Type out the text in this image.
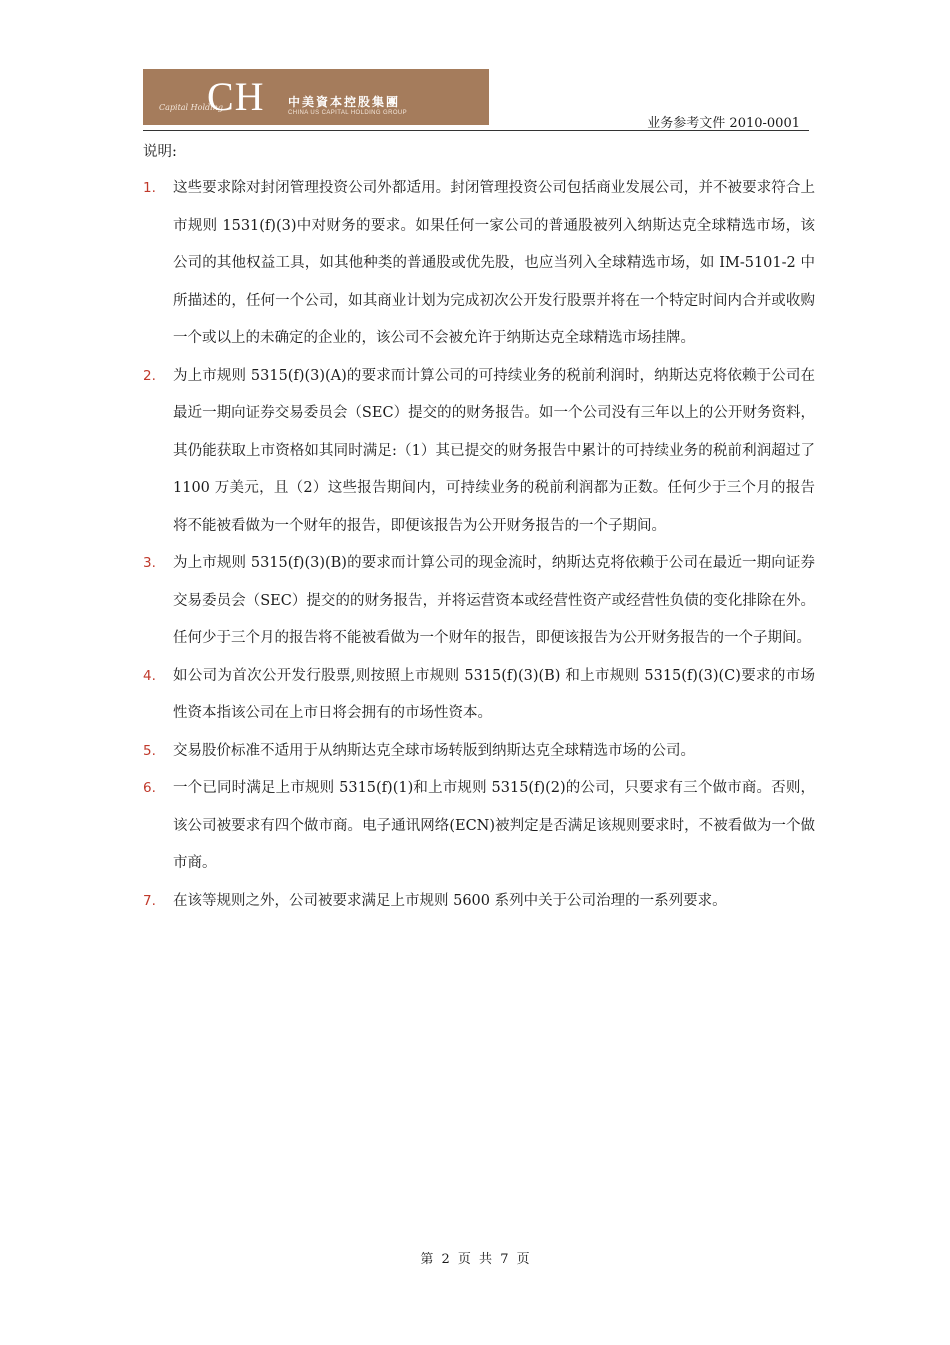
Capital Holding
CH 中美資本控股集團
CHINA US CAPITAL HOLDING GROUP
业务参考文件 2010-0001
说明:
1. 这些要求除对封闭管理投资公司外都适用。封闭管理投资公司包括商业发展公司，并不被要求符合上市规则 1531(f)(3)中对财务的要求。如果任何一家公司的普通股被列入纳斯达克全球精选市场，该公司的其他权益工具，如其他种类的普通股或优先股，也应当列入全球精选市场，如 IM-5101-2 中所描述的，任何一个公司，如其商业计划为完成初次公开发行股票并将在一个特定时间内合并或收购一个或以上的未确定的企业的，该公司不会被允许于纳斯达克全球精选市场挂牌。
2. 为上市规则 5315(f)(3)(A)的要求而计算公司的可持续业务的税前利润时，纳斯达克将依赖于公司在最近一期向证券交易委员会（SEC）提交的的财务报告。如一个公司没有三年以上的公开财务资料，其仍能获取上市资格如其同时满足:（1）其已提交的财务报告中累计的可持续业务的税前利润超过了 1100 万美元，且（2）这些报告期间内，可持续业务的税前利润都为正数。任何少于三个月的报告将不能被看做为一个财年的报告，即便该报告为公开财务报告的一个子期间。
3. 为上市规则 5315(f)(3)(B)的要求而计算公司的现金流时，纳斯达克将依赖于公司在最近一期向证券交易委员会（SEC）提交的的财务报告，并将运营资本或经营性资产或经营性负债的变化排除在外。任何少于三个月的报告将不能被看做为一个财年的报告，即便该报告为公开财务报告的一个子期间。
4. 如公司为首次公开发行股票,则按照上市规则 5315(f)(3)(B) 和上市规则 5315(f)(3)(C)要求的市场性资本指该公司在上市日将会拥有的市场性资本。
5. 交易股价标准不适用于从纳斯达克全球市场转版到纳斯达克全球精选市场的公司。
6. 一个已同时满足上市规则 5315(f)(1)和上市规则 5315(f)(2)的公司，只要求有三个做市商。否则，该公司被要求有四个做市商。电子通讯网络(ECN)被判定是否满足该规则要求时，不被看做为一个做市商。
7. 在该等规则之外，公司被要求满足上市规则 5600 系列中关于公司治理的一系列要求。
第 2 页 共 7 页
